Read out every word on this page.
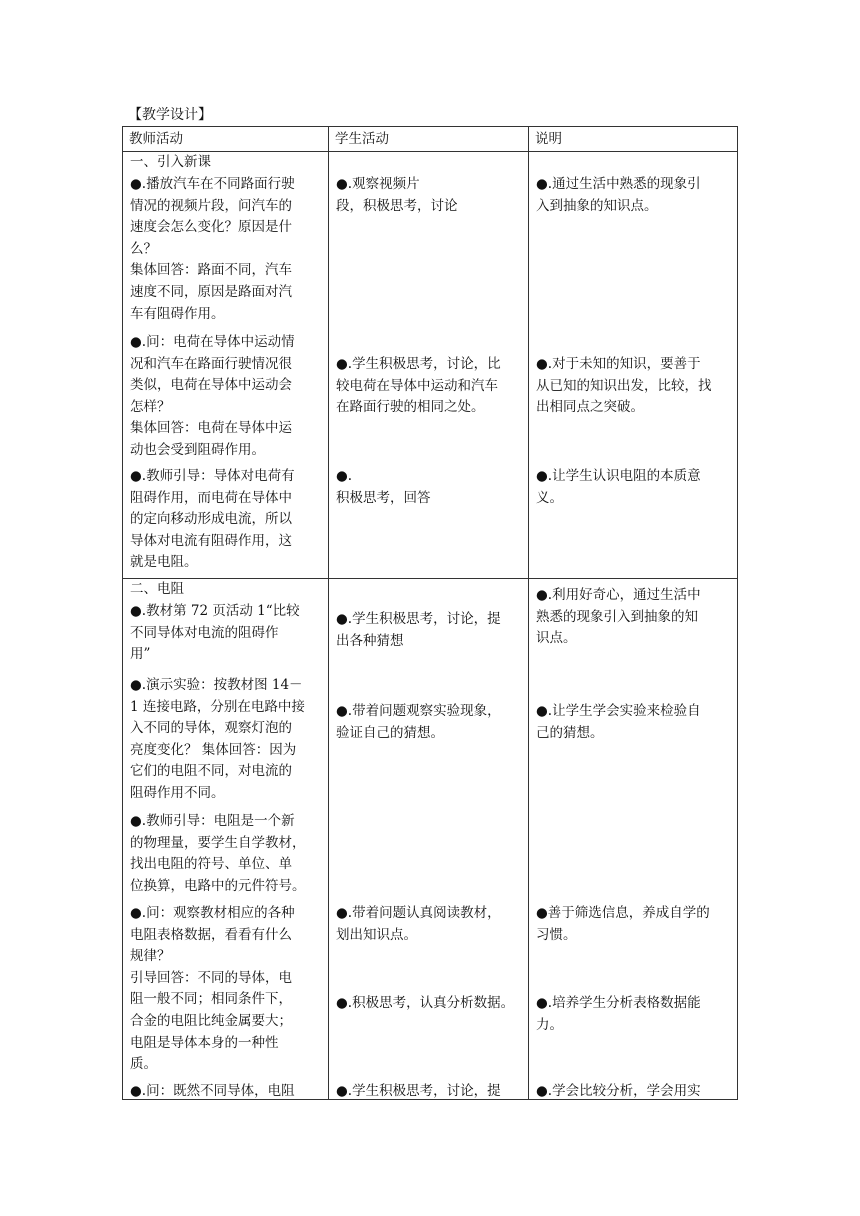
【教学设计】
教师活动	学生活动	说明
一、引入新课
●.播放汽车在不同路面行驶
情况的视频片段，问汽车的
速度会怎么变化？原因是什
么？
集体回答：路面不同，汽车
速度不同，原因是路面对汽
车有阻碍作用。
●.问：电荷在导体中运动情
况和汽车在路面行驶情况很
类似，电荷在导体中运动会
怎样？
集体回答：电荷在导体中运
动也会受到阻碍作用。
●.教师引导：导体对电荷有
阻碍作用，而电荷在导体中
的定向移动形成电流，所以
导体对电流有阻碍作用，这
就是电阻。
●.观察视频片
段，积极思考，讨论
●.学生积极思考，讨论，比
较电荷在导体中运动和汽车
在路面行驶的相同之处。
●.
积极思考，回答
●.通过生活中熟悉的现象引
入到抽象的知识点。
●.对于未知的知识，要善于
从已知的知识出发，比较，找
出相同点之突破。
●.让学生认识电阻的本质意
义。
二、电阻
●.教材第 72 页活动 1“比较
不同导体对电流的阻碍作
用”
●.演示实验：按教材图 14－
1 连接电路，分别在电路中接
入不同的导体，观察灯泡的
亮度变化？ 集体回答：因为
它们的电阻不同，对电流的
阻碍作用不同。
●.教师引导：电阻是一个新
的物理量，要学生自学教材，
找出电阻的符号、单位、单
位换算，电路中的元件符号。
●.问：观察教材相应的各种
电阻表格数据，看看有什么
规律？
引导回答：不同的导体，电
阻一般不同；相同条件下，
合金的电阻比纯金属要大；
电阻是导体本身的一种性
质。
●.问：既然不同导体，电阻
●.学生积极思考，讨论，提
出各种猜想
●.带着问题观察实验现象，
验证自己的猜想。
●.带着问题认真阅读教材，
划出知识点。
●.积极思考，认真分析数据。
●.学生积极思考，讨论，提
●.利用好奇心，通过生活中
熟悉的现象引入到抽象的知
识点。
●.让学生学会实验来检验自
己的猜想。
●善于筛选信息，养成自学的
习惯。
●.培养学生分析表格数据能
力。
●.学会比较分析，学会用实
